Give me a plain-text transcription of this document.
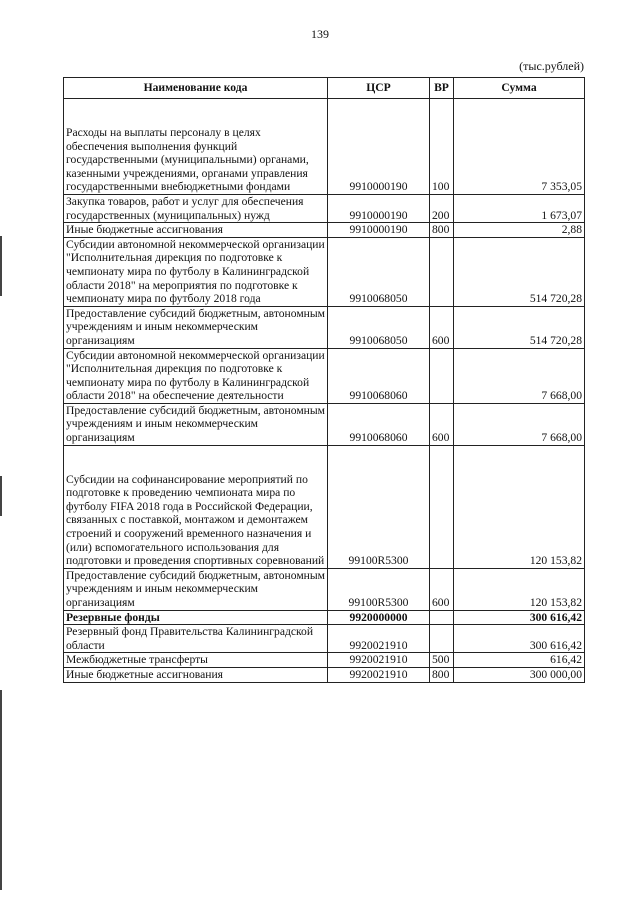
139
(тыс.рублей)
Наименование кода	ЦСР	ВР	Сумма
Расходы на выплаты персоналу в целях обеспечения выполнения функций государственными (муниципальными) органами, казенными учреждениями, органами управления государственными внебюджетными фондами	9910000190	100	7 353,05
Закупка товаров, работ и услуг для обеспечения государственных (муниципальных) нужд	9910000190	200	1 673,07
Иные бюджетные ассигнования	9910000190	800	2,88
Субсидии автономной некоммерческой организации "Исполнительная дирекция по подготовке к чемпионату мира по футболу в Калининградской области 2018" на мероприятия по подготовке к чемпионату мира по футболу 2018 года	9910068050		514 720,28
Предоставление субсидий бюджетным, автономным учреждениям и иным некоммерческим организациям	9910068050	600	514 720,28
Субсидии автономной некоммерческой организации "Исполнительная дирекция по подготовке к чемпионату мира по футболу в Калининградской области 2018" на обеспечение деятельности	9910068060		7 668,00
Предоставление субсидий бюджетным, автономным учреждениям и иным некоммерческим организациям	9910068060	600	7 668,00
Субсидии на софинансирование мероприятий по подготовке к проведению чемпионата мира по футболу FIFA 2018 года в Российской Федерации, связанных с поставкой, монтажом и демонтажем строений и сооружений временного назначения и (или) вспомогательного использования для подготовки и проведения спортивных соревнований	99100R5300		120 153,82
Предоставление субсидий бюджетным, автономным учреждениям и иным некоммерческим организациям	99100R5300	600	120 153,82
Резервные фонды	9920000000		300 616,42
Резервный фонд Правительства Калининградской области	9920021910		300 616,42
Межбюджетные трансферты	9920021910	500	616,42
Иные бюджетные ассигнования	9920021910	800	300 000,00
